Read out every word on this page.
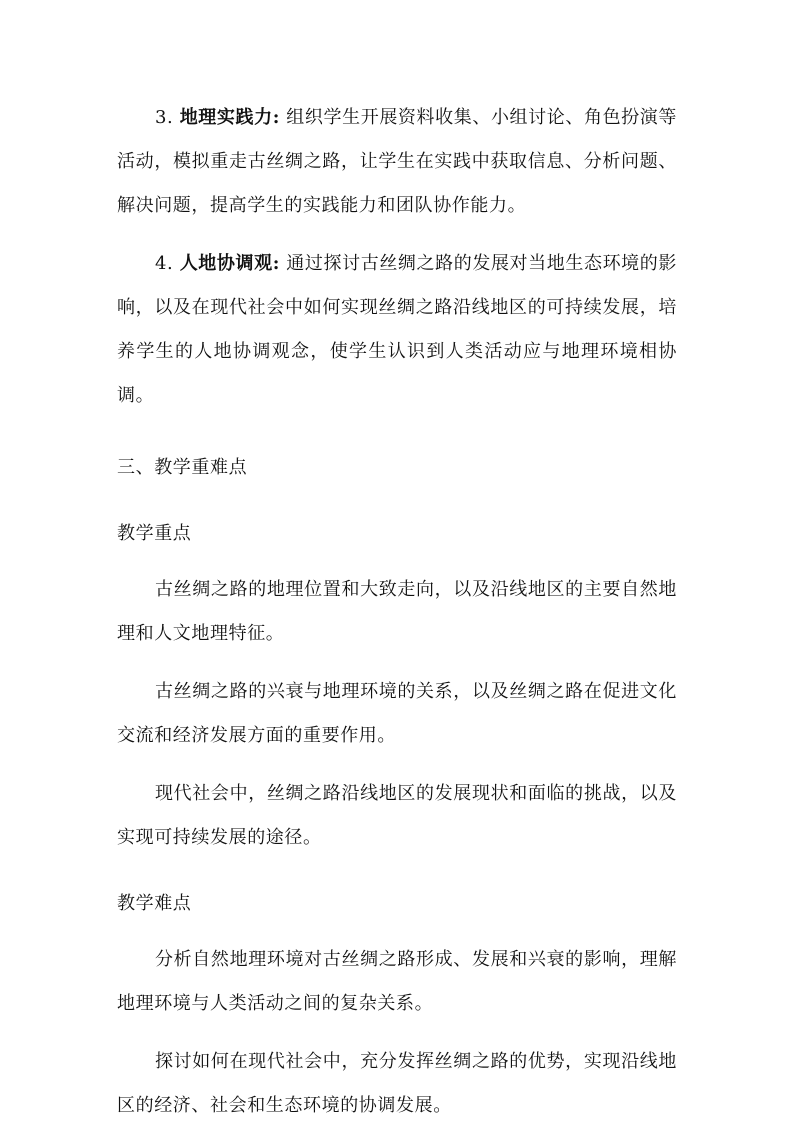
3. 地理实践力: 组织学生开展资料收集、小组讨论、角色扮演等活动，模拟重走古丝绸之路，让学生在实践中获取信息、分析问题、解决问题，提高学生的实践能力和团队协作能力。

4. 人地协调观: 通过探讨古丝绸之路的发展对当地生态环境的影响，以及在现代社会中如何实现丝绸之路沿线地区的可持续发展，培养学生的人地协调观念，使学生认识到人类活动应与地理环境相协调。

三、教学重难点
教学重点

古丝绸之路的地理位置和大致走向，以及沿线地区的主要自然地理和人文地理特征。

古丝绸之路的兴衰与地理环境的关系，以及丝绸之路在促进文化交流和经济发展方面的重要作用。

现代社会中，丝绸之路沿线地区的发展现状和面临的挑战，以及实现可持续发展的途径。

教学难点

分析自然地理环境对古丝绸之路形成、发展和兴衰的影响，理解地理环境与人类活动之间的复杂关系。

探讨如何在现代社会中，充分发挥丝绸之路的优势，实现沿线地区的经济、社会和生态环境的协调发展。
